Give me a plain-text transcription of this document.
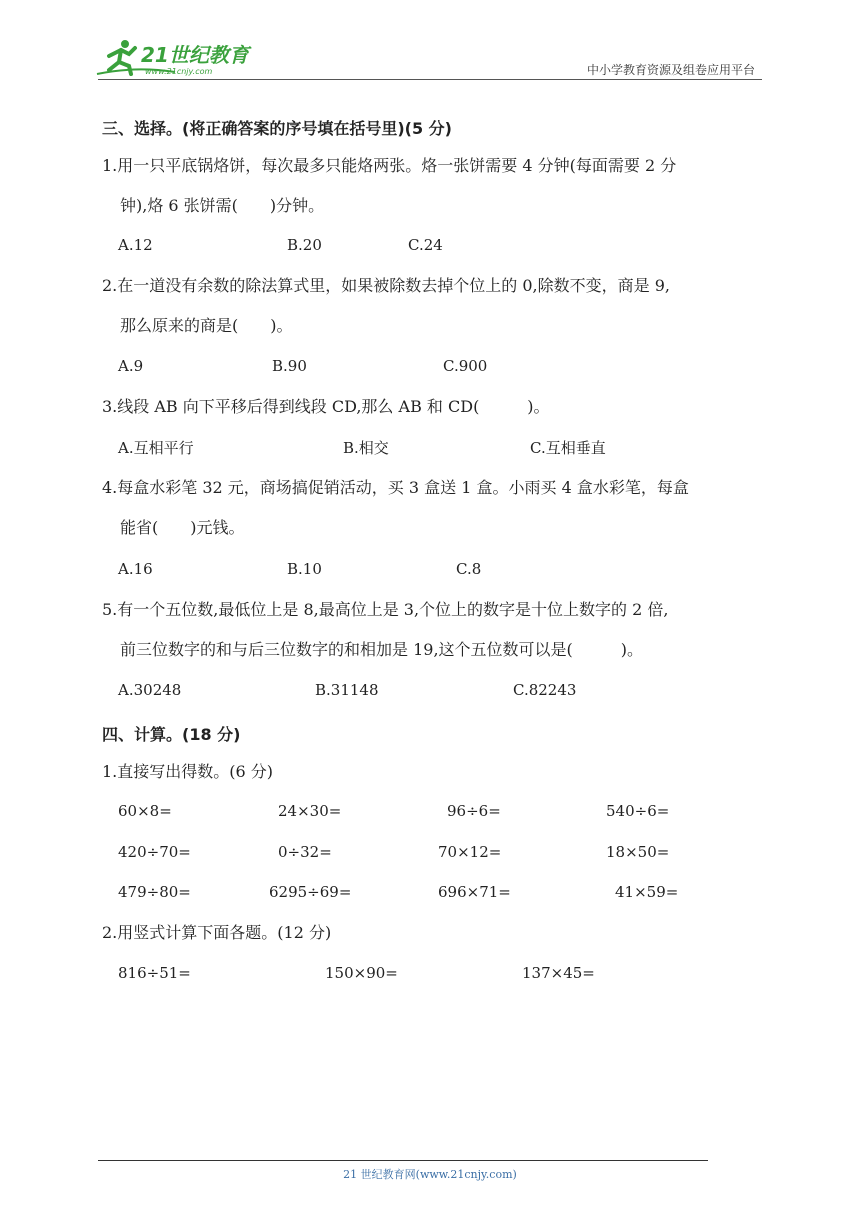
21世纪教育
www.21cnjy.com	中小学教育资源及组卷应用平台
三、选择。(将正确答案的序号填在括号里)(5 分)
1.用一只平底锅烙饼，每次最多只能烙两张。烙一张饼需要 4 分钟(每面需要 2 分
钟),烙 6 张饼需(　　)分钟。
A.12	B.20	C.24
2.在一道没有余数的除法算式里，如果被除数去掉个位上的 0,除数不变，商是 9,
那么原来的商是(　　)。
A.9	B.90	C.900
3.线段 AB 向下平移后得到线段 CD,那么 AB 和 CD(　　　)。
A.互相平行	B.相交	C.互相垂直
4.每盒水彩笔 32 元，商场搞促销活动，买 3 盒送 1 盒。小雨买 4 盒水彩笔，每盒
能省(　　)元钱。
A.16	B.10	C.8
5.有一个五位数,最低位上是 8,最高位上是 3,个位上的数字是十位上数字的 2 倍,
前三位数字的和与后三位数字的和相加是 19,这个五位数可以是(　　　)。
A.30248	B.31148	C.82243
四、计算。(18 分)
1.直接写出得数。(6 分)
60×8=	24×30=	96÷6=	540÷6=
420÷70=	0÷32=	70×12=	18×50=
479÷80=	6295÷69=	696×71=	41×59=
2.用竖式计算下面各题。(12 分)
816÷51=	150×90=	137×45=
21 世纪教育网(www.21cnjy.com)
